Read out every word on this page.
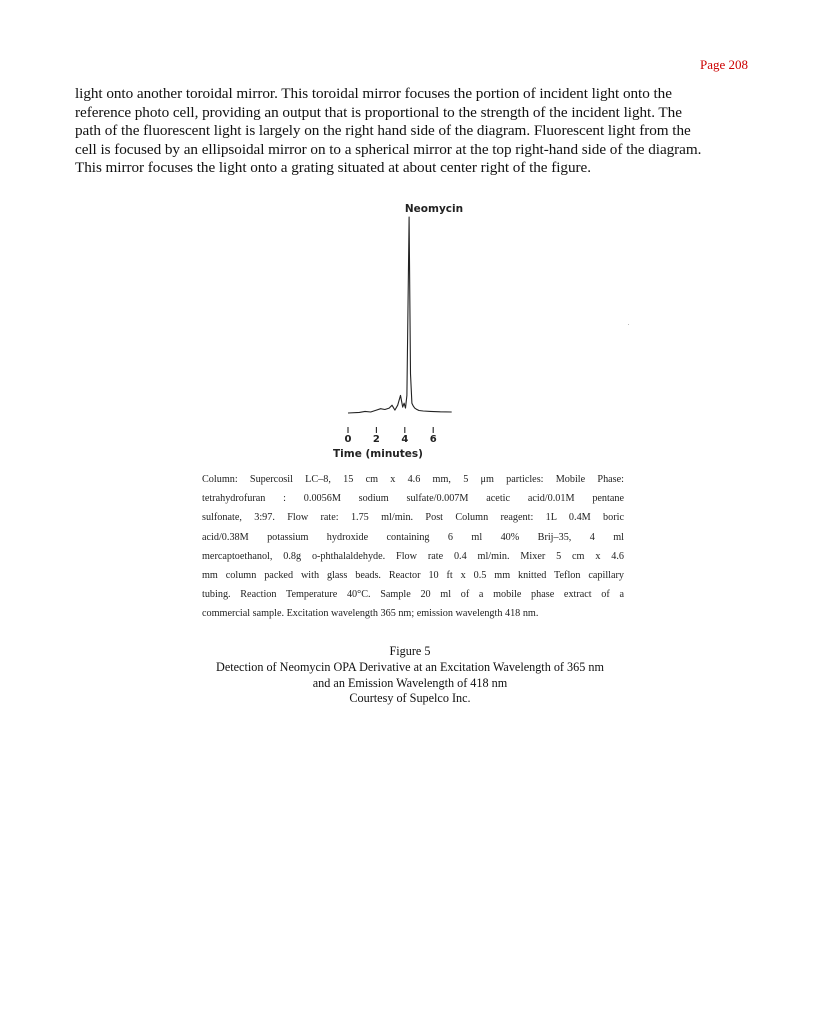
Page 208
light onto another toroidal mirror. This toroidal mirror focuses the portion of incident light onto the
reference photo cell, providing an output that is proportional to the strength of the incident light. The
path of the fluorescent light is largely on the right hand side of the diagram. Fluorescent light from the
cell is focused by an ellipsoidal mirror on to a spherical mirror at the top right-hand side of the diagram.
This mirror focuses the light onto a grating situated at about center right of the figure.
Neomycin
0 2 4 6
Time (minutes)
Column: Supercosil LC–8, 15 cm x 4.6 mm, 5 μm particles: Mobile Phase:
tetrahydrofuran : 0.0056M sodium sulfate/0.007M acetic acid/0.01M pentane
sulfonate, 3:97. Flow rate: 1.75 ml/min. Post Column reagent: 1L 0.4M boric
acid/0.38M potassium hydroxide containing 6 ml 40% Brij–35, 4 ml
mercaptoethanol, 0.8g o-phthalaldehyde. Flow rate 0.4 ml/min. Mixer 5 cm x 4.6
mm column packed with glass beads. Reactor 10 ft x 0.5 mm knitted Teflon capillary
tubing. Reaction Temperature 40°C. Sample 20 ml of a mobile phase extract of a
commercial sample. Excitation wavelength 365 nm; emission wavelength 418 nm.
Figure 5
Detection of Neomycin OPA Derivative at an Excitation Wavelength of 365 nm
and an Emission Wavelength of 418 nm
Courtesy of Supelco Inc.
